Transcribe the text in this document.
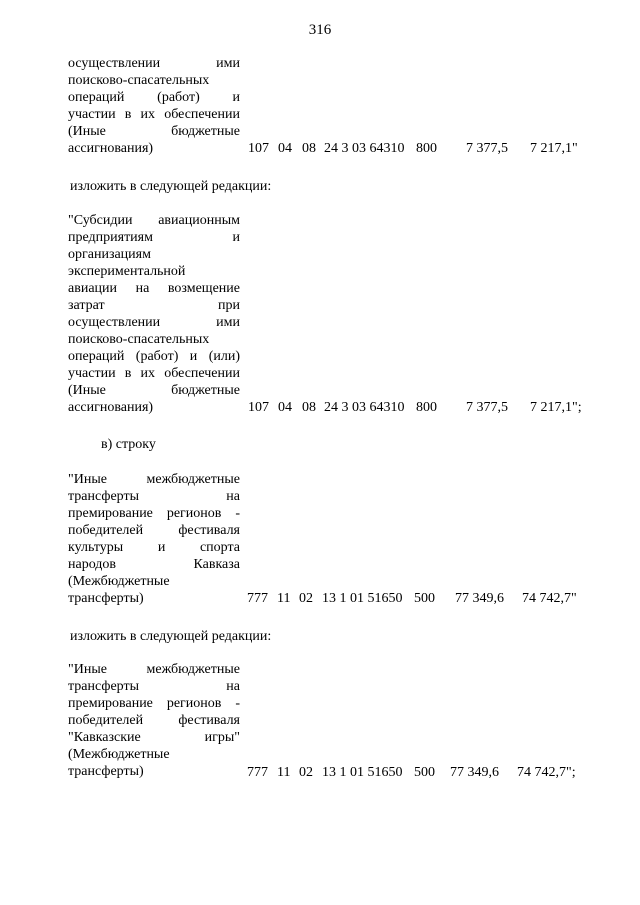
316
осуществлении ими
поисково-спасательных
операций (работ) и
участии в их обеспечении
(Иные бюджетные
ассигнования)	107 04 08 24 3 03 64310 800 7 377,5 7 217,1"
изложить в следующей редакции:
"Субсидии авиационным
предприятиям и
организациям
экспериментальной
авиации на возмещение
затрат при
осуществлении ими
поисково-спасательных
операций (работ) и (или)
участии в их обеспечении
(Иные бюджетные
ассигнования)	107 04 08 24 3 03 64310 800 7 377,5 7 217,1";
в) строку
"Иные межбюджетные
трансферты на
премирование регионов -
победителей фестиваля
культуры и спорта
народов Кавказа
(Межбюджетные
трансферты)	777 11 02 13 1 01 51650 500 77 349,6 74 742,7"
изложить в следующей редакции:
"Иные межбюджетные
трансферты на
премирование регионов -
победителей фестиваля
"Кавказские игры"
(Межбюджетные
трансферты)	777 11 02 13 1 01 51650 500 77 349,6 74 742,7";
